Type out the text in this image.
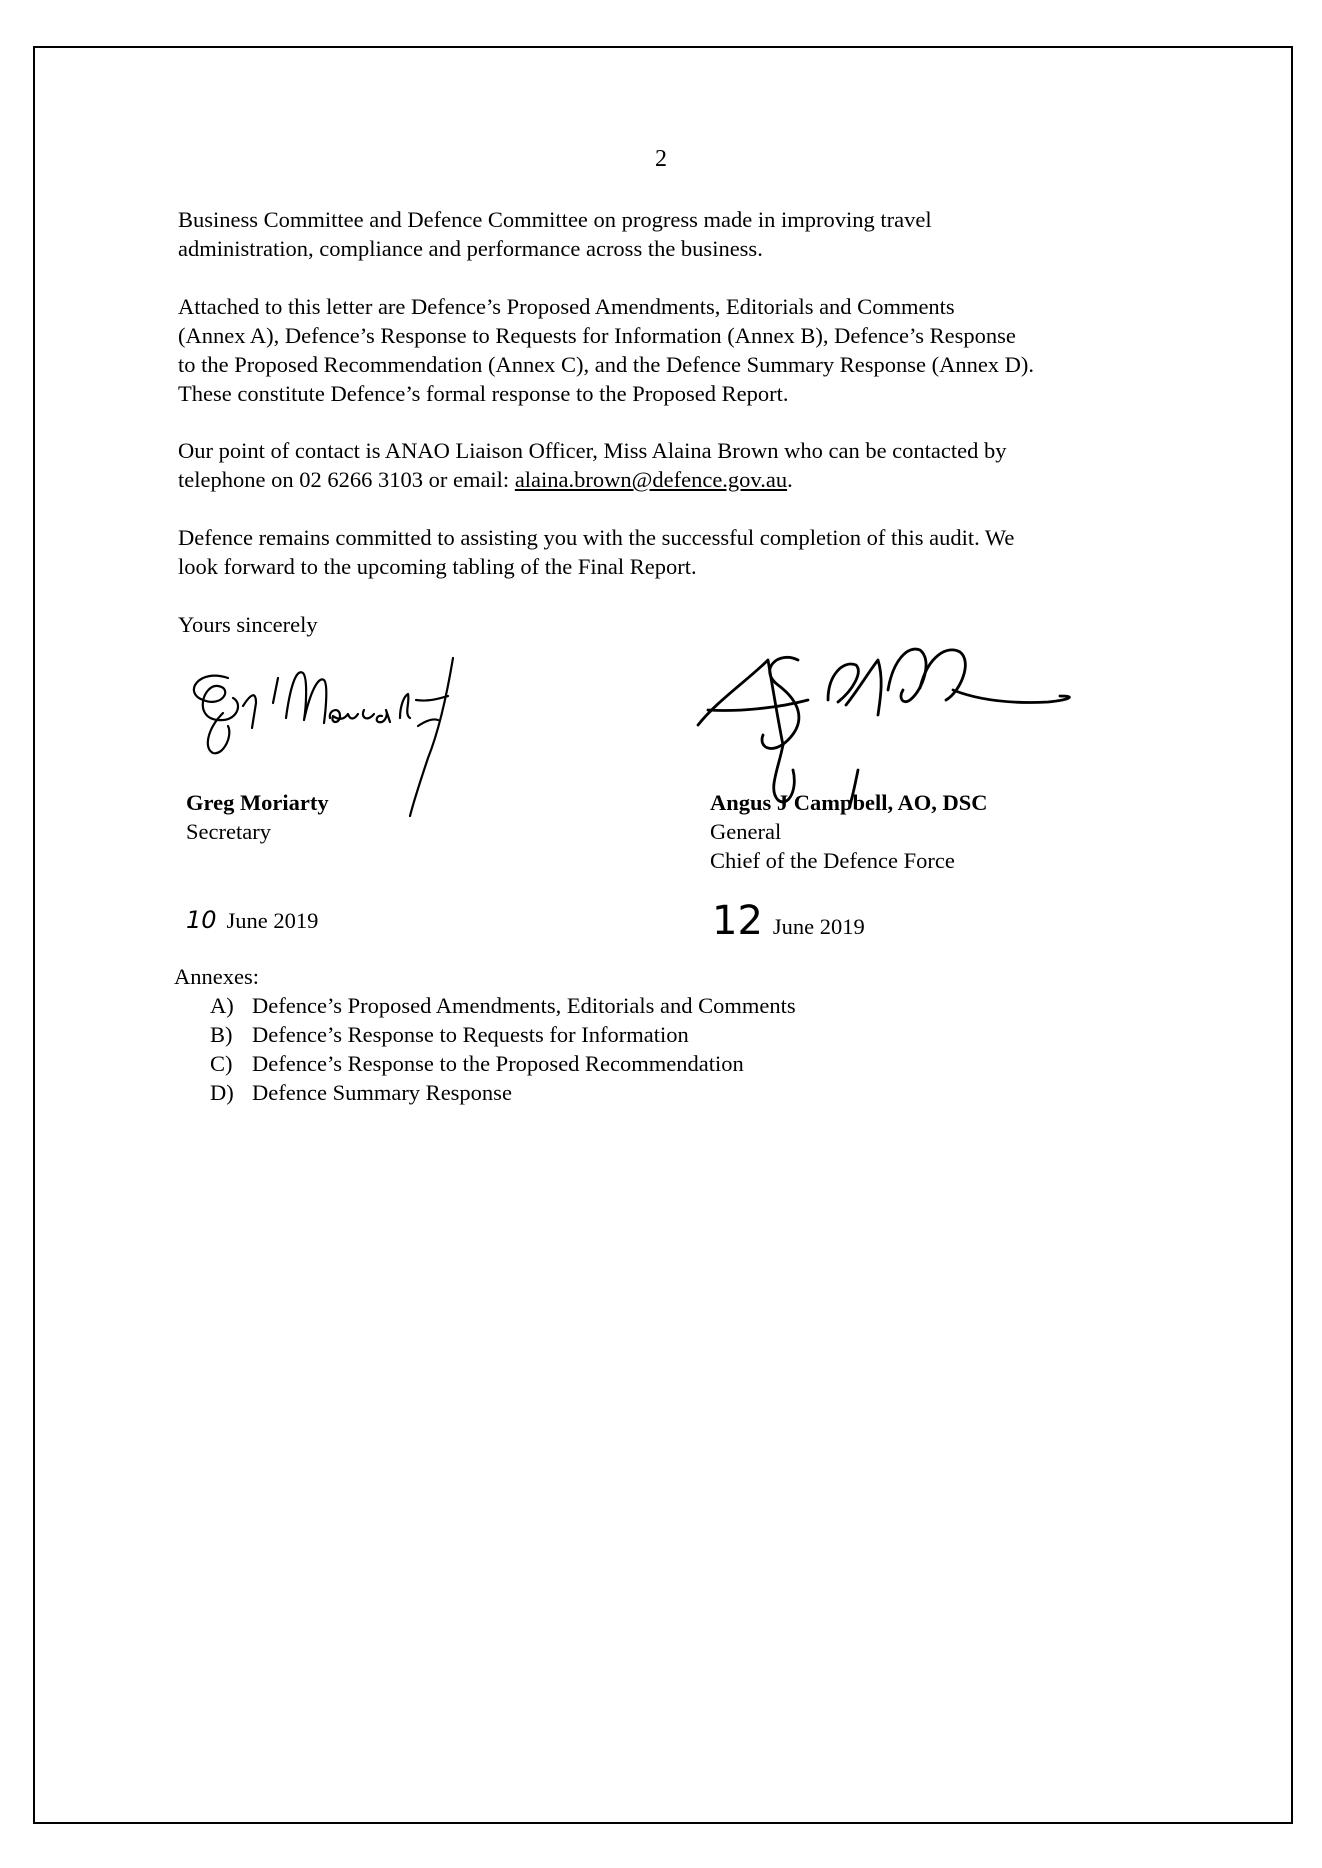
2

Business Committee and Defence Committee on progress made in improving travel

administration, compliance and performance across the business.

Attached to this letter are Defence’s Proposed Amendments, Editorials and Comments

(Annex A), Defence’s Response to Requests for Information (Annex B), Defence’s Response

to the Proposed Recommendation (Annex C), and the Defence Summary Response (Annex D).

These constitute Defence’s formal response to the Proposed Report.

Our point of contact is ANAO Liaison Officer, Miss Alaina Brown who can be contacted by

telephone on 02 6266 3103 or email: alaina.brown@defence.gov.au.

Defence remains committed to assisting you with the successful completion of this audit. We

look forward to the upcoming tabling of the Final Report.

Yours sincerely
Greg Moriarty
Secretary
Angus J Campbell, AO, DSC
General
Chief of the Defence Force
10 June 2019	12 June 2019
Annexes:
A) Defence’s Proposed Amendments, Editorials and Comments
B) Defence’s Response to Requests for Information
C) Defence’s Response to the Proposed Recommendation
D) Defence Summary Response
